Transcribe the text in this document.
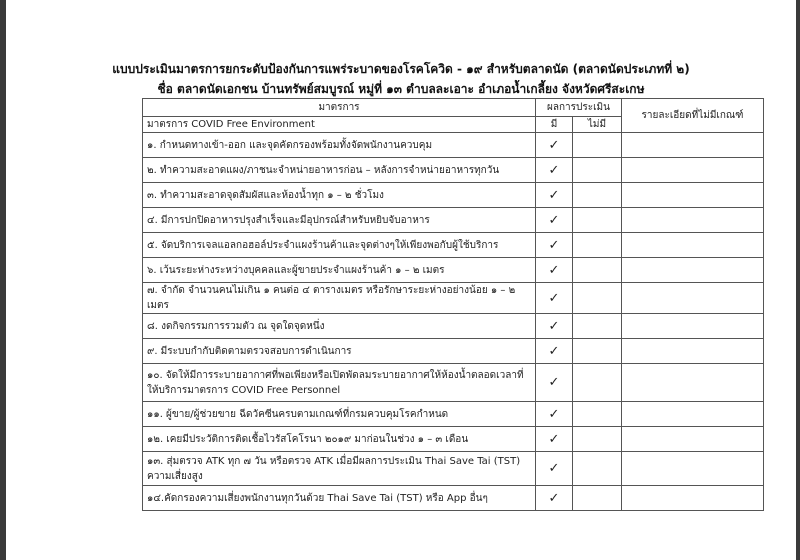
แบบประเมินมาตรการยกระดับป้องกันการแพร่ระบาดของโรคโควิด - ๑๙ สำหรับตลาดนัด (ตลาดนัดประเภทที่ ๒)
ชื่อ ตลาดนัดเอกชน บ้านทรัพย์สมบูรณ์ หมู่ที่ ๑๓ ตำบลละเอาะ อำเภอน้ำเกลี้ยง จังหวัดศรีสะเกษ
มาตรการ	ผลการประเมิน		รายละเอียดที่ไม่มีเกณฑ์
มาตรการ COVID Free Environment	มี	ไม่มี	
๑. กำหนดทางเข้า-ออก และจุดคัดกรองพร้อมทั้งจัดพนักงานควบคุม	✓		
๒. ทำความสะอาดแผง/ภาชนะจำหน่ายอาหารก่อน – หลังการจำหน่ายอาหารทุกวัน	✓		
๓. ทำความสะอาดจุดสัมผัสและห้องน้ำทุก ๑ – ๒ ชั่วโมง	✓		
๔. มีการปกปิดอาหารปรุงสำเร็จและมีอุปกรณ์สำหรับหยิบจับอาหาร	✓		
๕. จัดบริการเจลแอลกอฮอล์ประจำแผงร้านค้าและจุดต่างๆให้เพียงพอกับผู้ใช้บริการ	✓		
๖. เว้นระยะห่างระหว่างบุคคลและผู้ขายประจำแผงร้านค้า ๑ – ๒ เมตร	✓		
๗. จำกัด จำนวนคนไม่เกิน ๑ คนต่อ ๔ ตารางเมตร หรือรักษาระยะห่างอย่างน้อย ๑ – ๒ เมตร	✓		
๘. งดกิจกรรมการรวมตัว ณ จุดใดจุดหนึ่ง	✓		
๙. มีระบบกำกับติดตามตรวจสอบการดำเนินการ	✓		
๑๐. จัดให้มีการระบายอากาศที่พอเพียงหรือเปิดพัดลมระบายอากาศให้ห้องน้ำตลอดเวลาที่ให้บริการมาตรการ COVID Free Personnel	✓		
๑๑. ผู้ขาย/ผู้ช่วยขาย ฉีดวัคซีนครบตามเกณฑ์ที่กรมควบคุมโรคกำหนด	✓		
๑๒. เคยมีประวัติการติดเชื้อไวรัสโคโรนา ๒๐๑๙ มาก่อนในช่วง ๑ – ๓ เดือน	✓		
๑๓. สุ่มตรวจ ATK ทุก ๗ วัน หรือตรวจ ATK เมื่อมีผลการประเมิน Thai Save Tai (TST) ความเสี่ยงสูง	✓		
๑๔.คัดกรองความเสี่ยงพนักงานทุกวันด้วย Thai Save Tai (TST) หรือ App อื่นๆ	✓		
